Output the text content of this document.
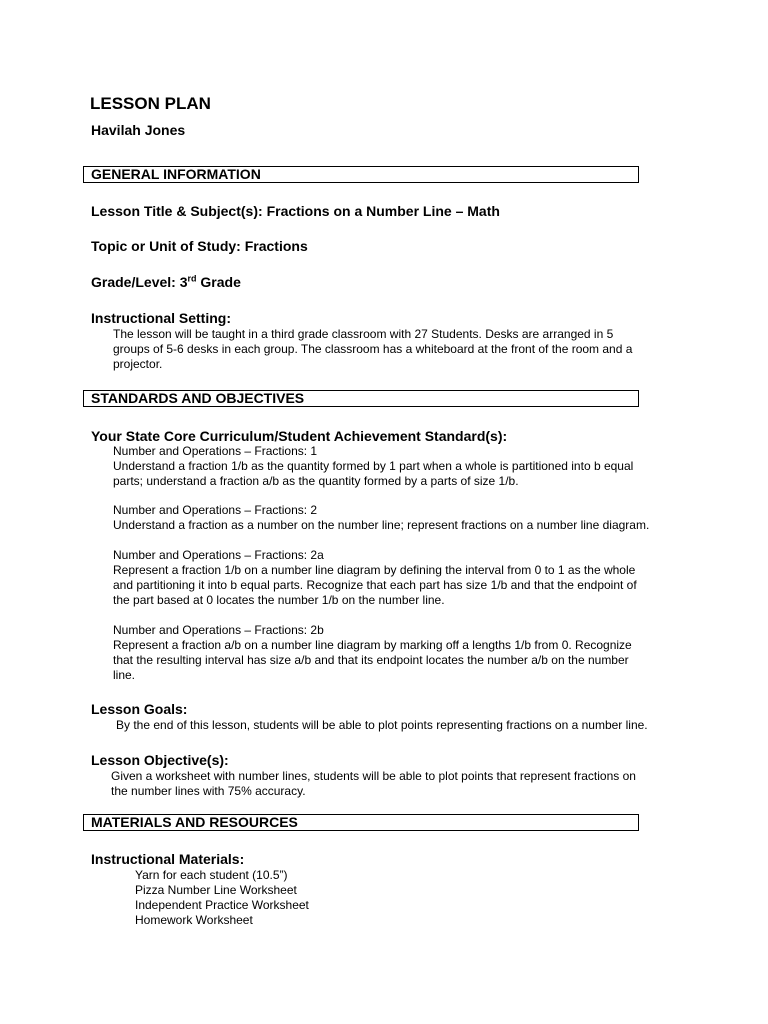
LESSON PLAN
Havilah Jones
GENERAL INFORMATION
Lesson Title & Subject(s): Fractions on a Number Line – Math
Topic or Unit of Study: Fractions
Grade/Level: 3rd Grade
Instructional Setting:

The lesson will be taught in a third grade classroom with 27 Students. Desks are arranged in 5

groups of 5-6 desks in each group. The classroom has a whiteboard at the front of the room and a

projector.

STANDARDS AND OBJECTIVES
Your State Core Curriculum/Student Achievement Standard(s):

Number and Operations – Fractions: 1

Understand a fraction 1/b as the quantity formed by 1 part when a whole is partitioned into b equal

parts; understand a fraction a/b as the quantity formed by a parts of size 1/b.

Number and Operations – Fractions: 2

Understand a fraction as a number on the number line; represent fractions on a number line diagram.

Number and Operations – Fractions: 2a

Represent a fraction 1/b on a number line diagram by defining the interval from 0 to 1 as the whole

and partitioning it into b equal parts. Recognize that each part has size 1/b and that the endpoint of

the part based at 0 locates the number 1/b on the number line.

Number and Operations – Fractions: 2b

Represent a fraction a/b on a number line diagram by marking off a lengths 1/b from 0. Recognize

that the resulting interval has size a/b and that its endpoint locates the number a/b on the number

line.

Lesson Goals:
By the end of this lesson, students will be able to plot points representing fractions on a number line.
Lesson Objective(s):

Given a worksheet with number lines, students will be able to plot points that represent fractions on

the number lines with 75% accuracy.

MATERIALS AND RESOURCES
Instructional Materials:

Yarn for each student (10.5”)

Pizza Number Line Worksheet

Independent Practice Worksheet

Homework Worksheet
